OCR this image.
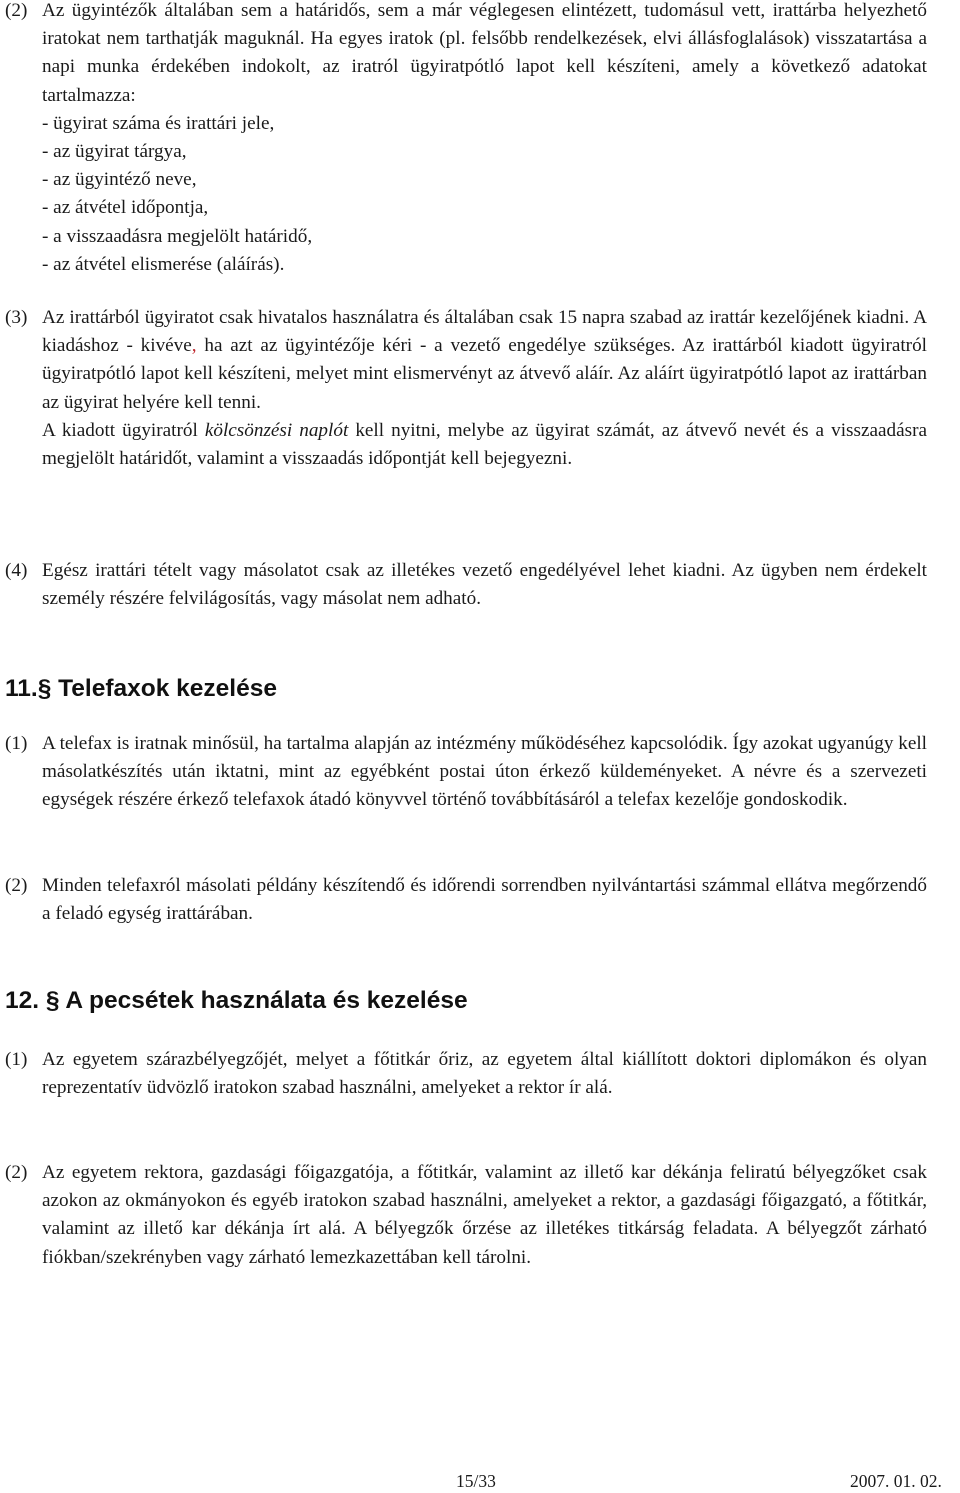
(2) Az ügyintézők általában sem a határidős, sem a már véglegesen elintézett, tudomásul vett, irattárba helyezhető iratokat nem tarthatják maguknál. Ha egyes iratok (pl. felsőbb rendelkezések, elvi állásfoglalások) visszatartása a napi munka érdekében indokolt, az iratról ügyiratpótló lapot kell készíteni, amely a következő adatokat tartalmazza:
- ügyirat száma és irattári jele,
- az ügyirat tárgya,
- az ügyintéző neve,
- az átvétel időpontja,
- a visszaadásra megjelölt határidő,
- az átvétel elismerése (aláírás).
(3) Az irattárból ügyiratot csak hivatalos használatra és általában csak 15 napra szabad az irattár kezelőjének kiadni. A kiadáshoz - kivéve, ha azt az ügyintézője kéri - a vezető engedélye szükséges. Az irattárból kiadott ügyiratról ügyiratpótló lapot kell készíteni, melyet mint elismervényt az átvevő aláír. Az aláírt ügyiratpótló lapot az irattárban az ügyirat helyére kell tenni.
A kiadott ügyiratról kölcsönzési naplót kell nyitni, melybe az ügyirat számát, az átvevő nevét és a visszaadásra megjelölt határidőt, valamint a visszaadás időpontját kell bejegyezni.
(4) Egész irattári tételt vagy másolatot csak az illetékes vezető engedélyével lehet kiadni. Az ügyben nem érdekelt személy részére felvilágosítás, vagy másolat nem adható.
11.§ Telefaxok kezelése
(1) A telefax is iratnak minősül, ha tartalma alapján az intézmény működéséhez kapcsolódik. Így azokat ugyanúgy kell másolatkészítés után iktatni, mint az egyébként postai úton érkező küldeményeket. A névre és a szervezeti egységek részére érkező telefaxok átadó könyvvel történő továbbításáról a telefax kezelője gondoskodik.
(2) Minden telefaxról másolati példány készítendő és időrendi sorrendben nyilvántartási számmal ellátva megőrzendő a feladó egység irattárában.
12. § A pecsétek használata és kezelése
(1) Az egyetem szárazbélyegzőjét, melyet a főtitkár őriz, az egyetem által kiállított doktori diplomákon és olyan reprezentatív üdvözlő iratokon szabad használni, amelyeket a rektor ír alá.
(2) Az egyetem rektora, gazdasági főigazgatója, a főtitkár, valamint az illető kar dékánja feliratú bélyegzőket csak azokon az okmányokon és egyéb iratokon szabad használni, amelyeket a rektor, a gazdasági főigazgató, a főtitkár, valamint az illető kar dékánja írt alá. A bélyegzők őrzése az illetékes titkárság feladata. A bélyegzőt zárható fiókban/szekrényben vagy zárható lemezkazettában kell tárolni.
15/33	2007. 01. 02.
